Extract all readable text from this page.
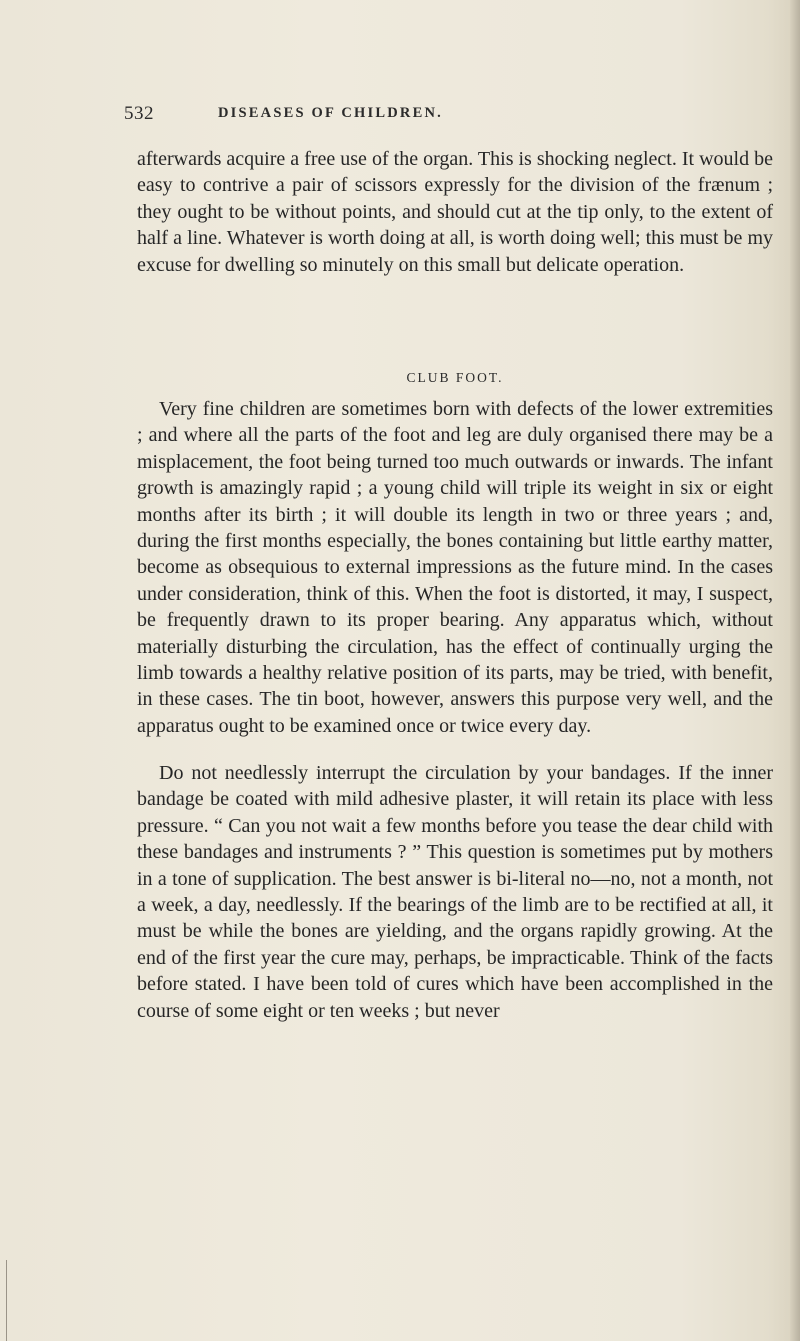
532	DISEASES OF CHILDREN.
afterwards acquire a free use of the organ. This is shocking neglect. It would be easy to contrive a pair of scissors expressly for the division of the frænum ; they ought to be without points, and should cut at the tip only, to the extent of half a line. Whatever is worth doing at all, is worth doing well; this must be my excuse for dwelling so minutely on this small but delicate operation.
CLUB FOOT.
Very fine children are sometimes born with defects of the lower extremities ; and where all the parts of the foot and leg are duly organised there may be a misplacement, the foot being turned too much outwards or inwards. The infant growth is amazingly rapid ; a young child will triple its weight in six or eight months after its birth ; it will double its length in two or three years ; and, during the first months especially, the bones containing but little earthy matter, become as obsequious to external impressions as the future mind. In the cases under consideration, think of this. When the foot is distorted, it may, I suspect, be frequently drawn to its proper bearing. Any apparatus which, without materially disturbing the circulation, has the effect of continually urging the limb towards a healthy relative position of its parts, may be tried, with benefit, in these cases. The tin boot, however, answers this purpose very well, and the apparatus ought to be examined once or twice every day.
Do not needlessly interrupt the circulation by your bandages. If the inner bandage be coated with mild adhesive plaster, it will retain its place with less pressure. “ Can you not wait a few months before you tease the dear child with these bandages and instruments ? ” This question is sometimes put by mothers in a tone of supplication. The best answer is bi-literal no—no, not a month, not a week, a day, needlessly. If the bearings of the limb are to be rectified at all, it must be while the bones are yielding, and the organs rapidly growing. At the end of the first year the cure may, perhaps, be impracticable. Think of the facts before stated. I have been told of cures which have been accomplished in the course of some eight or ten weeks ; but never
